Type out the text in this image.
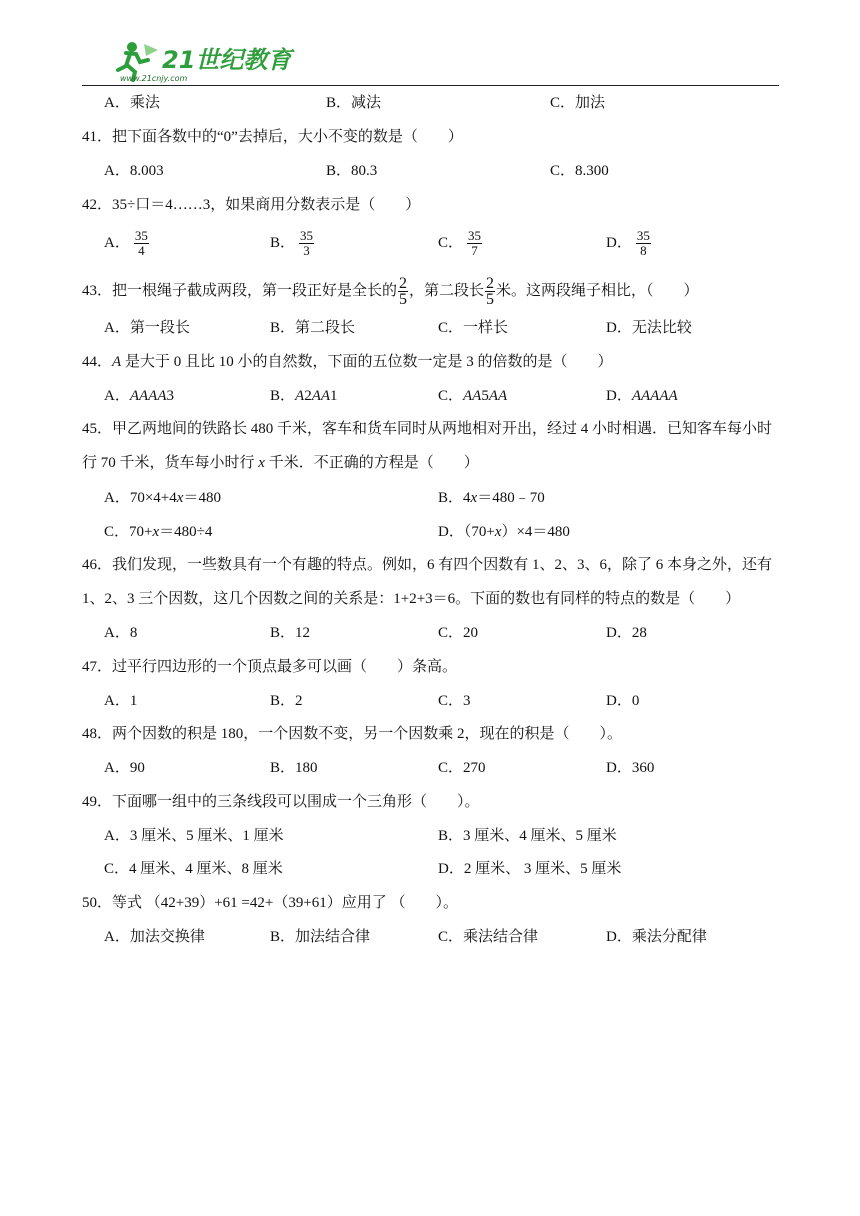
21世纪教育
www.21cnjy.com
A．乘法	B．减法	C．加法
41．把下面各数中的“0”去掉后，大小不变的数是（　　）
A．8.003	B．80.3	C．8.300
42．35÷口＝4……3，如果商用分数表示是（　　）
A． $\frac{35}{4}$	B． $\frac{35}{3}$	C． $\frac{35}{7}$	D． $\frac{35}{8}$
43．把一根绳子截成两段，第一段正好是全长的 $\frac{2}{5}$ ，第二段长 $\frac{2}{5}$ 米。这两段绳子相比，（　　）
A．第一段长	B．第二段长	C．一样长	D．无法比较
44．A 是大于 0 且比 10 小的自然数，下面的五位数一定是 3 的倍数的是（　　）
A．AAAA3	B．A2AA1	C．AA5AA	D．AAAAA
45．甲乙两地间的铁路长 480 千米，客车和货车同时从两地相对开出，经过 4 小时相遇．已知客车每小时行 70 千米，货车每小时行 x 千米．不正确的方程是（　　）
A．70×4+4x＝480	B．4x＝480﹣70
C．70+x＝480÷4	D．（70+x）×4＝480
46．我们发现，一些数具有一个有趣的特点。例如，6 有四个因数有 1、2、3、6，除了 6 本身之外，还有 1、2、3 三个因数，这几个因数之间的关系是：1+2+3＝6。下面的数也有同样的特点的数是（　　）
A．8	B．12	C．20	D．28
47．过平行四边形的一个顶点最多可以画（　　）条高。
A．1	B．2	C．3	D．0
48．两个因数的积是 180，一个因数不变，另一个因数乘 2，现在的积是（　　）。
A．90	B．180	C．270	D．360
49．下面哪一组中的三条线段可以围成一个三角形（　　）。
A．3 厘米、5 厘米、1 厘米	B．3 厘米、4 厘米、5 厘米
C．4 厘米、4 厘米、8 厘米	D．2 厘米、 3 厘米、5 厘米
50．等式 （42+39）+61 =42+（39+61）应用了 （　　）。
A．加法交换律	B．加法结合律	C．乘法结合律	D．乘法分配律
